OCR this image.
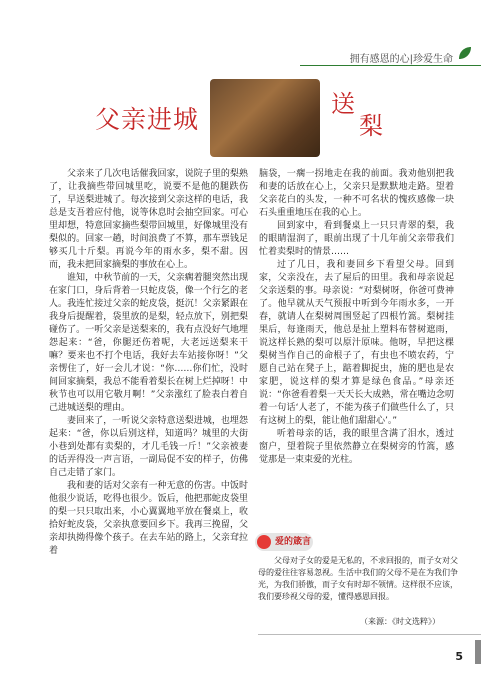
拥有感恩的心|珍爱生命
父亲进城
送
梨

父亲来了几次电话催我回家，说院子里的梨熟了，让我摘些带回城里吃，说要不是他的腿跌伤了，早送梨进城了。每次接到父亲这样的电话，我总是支吾着应付他，说等休息时会抽空回家。可心里却想，特意回家摘些梨带回城里，好像城里没有梨似的。回家一趟，时间浪费了不算，那车票钱足够买几十斤梨。再说今年的雨水多，梨不甜。因而，我未把回家摘梨的事放在心上。

谁知，中秋节前的一天，父亲瘸着腿突然出现在家门口，身后背着一只蛇皮袋，像一个行乞的老人。我连忙接过父亲的蛇皮袋，挺沉！父亲紧跟在我身后提醒着，袋里放的是梨，轻点放下，别把梨碰伤了。一听父亲是送梨来的，我有点没好气地埋怨起来：“爸，你腿还伤着呢，大老远送梨来干嘛？要来也不打个电话，我好去车站接你呀！”父亲愣住了，好一会儿才说：“你……你们忙，没时间回家摘梨，我总不能看着梨长在树上烂掉呀！中秋节也可以用它敬月啊！”父亲涨红了脸表白着自己进城送梨的理由。

妻回来了，一听说父亲特意送梨进城，也埋怨起来：“爸，你以后别这样，知道吗？城里的大街小巷到处都有卖梨的，才几毛钱一斤！”父亲被妻的话弄得没一声言语，一副局促不安的样子，仿佛自己走错了家门。

我和妻的话对父亲有一种无意的伤害。中饭时他很少说话，吃得也很少。饭后，他把那蛇皮袋里的梨一只只取出来，小心翼翼地平放在餐桌上，收拾好蛇皮袋，父亲执意要回乡下。我再三挽留，父亲却执拗得像个孩子。在去车站的路上，父亲耷拉着

脑袋，一瘸一拐地走在我的前面。我劝他别把我和妻的话放在心上，父亲只是默默地走路。望着父亲花白的头发，一种不可名状的愧疚感像一块石头重重地压在我的心上。

回到家中，看到餐桌上一只只青翠的梨，我的眼睛湿润了，眼前出现了十几年前父亲带我们忙着卖梨时的情景……

过了几日，我和妻回乡下看望父母。回到家，父亲没在，去了屋后的田里。我和母亲说起父亲送梨的事。母亲说：“对梨树呀，你爸可费神了。他早就从天气预报中听到今年雨水多，一开春，就请人在梨树周围竖起了四根竹篙。梨树挂果后，每逢雨天，他总是扯上塑料布替树遮雨，说这样长熟的梨可以原汁原味。他呀，早把这棵梨树当作自己的命根子了，有虫也不喷农药，宁愿自己站在凳子上，踮着脚捉虫，施的肥也是农家肥，说这样的梨才算是绿色食品。”母亲还说：“你爸看着梨一天天长大成熟，常在嘴边念叨着一句话‘人老了，不能为孩子们做些什么了，只有这树上的梨，能让他们甜甜心’。”

听着母亲的话，我的眼里含满了泪水，透过窗户，望着院子里依然静立在梨树旁的竹篙，感觉那是一束束爱的光柱。

爱的箴言
父母对子女的爱是无私的，不求回报的，而子女对父母的爱往往容易忽视。生活中我们的父母不是在为我们争光，为我们骄傲，而子女有时却不领情。这样很不应该，我们要珍视父母的爱，懂得感恩回报。
（来源：《时文选粹》）
5
